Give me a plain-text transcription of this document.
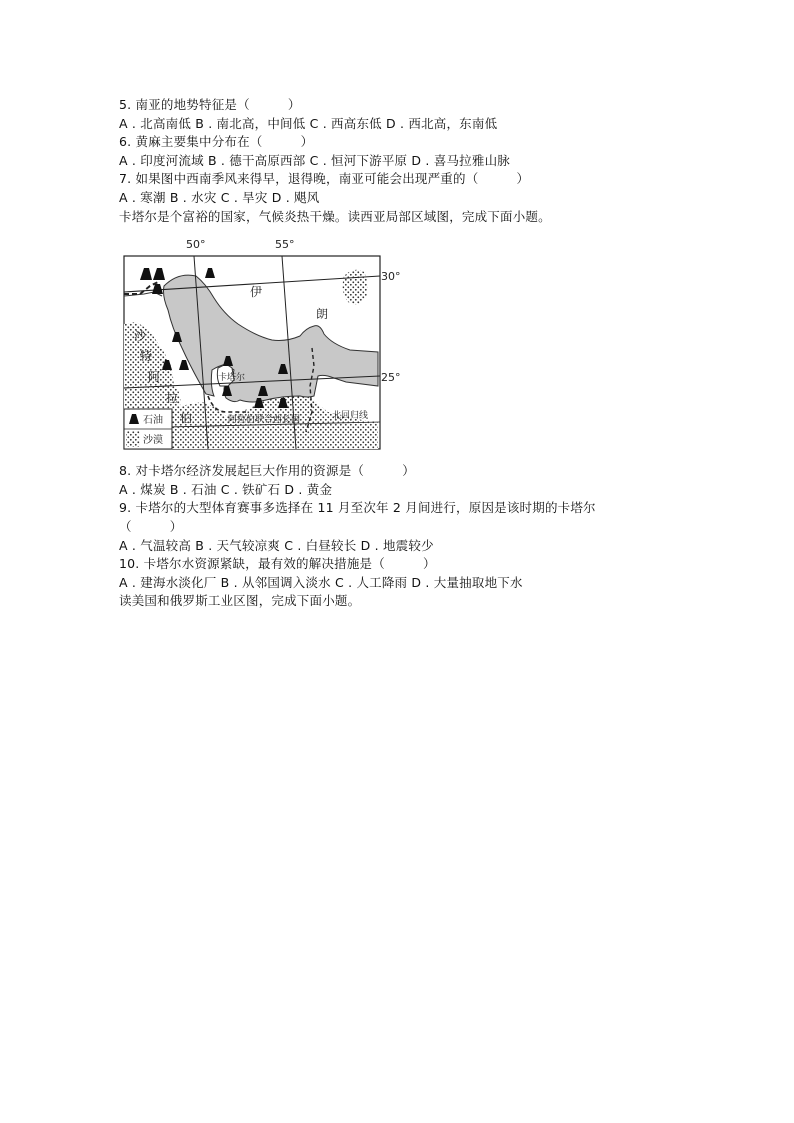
5. 南亚的地势特征是（　　　）
A . 北高南低 B . 南北高，中间低 C . 西高东低 D . 西北高，东南低
6. 黄麻主要集中分布在（　　　）
A . 印度河流域 B . 德干高原西部 C . 恒河下游平原 D . 喜马拉雅山脉
7. 如果图中西南季风来得早，退得晚，南亚可能会出现严重的（　　　）
A . 寒潮 B . 水灾 C . 旱灾 D . 飓风
卡塔尔是个富裕的国家，气候炎热干燥。读西亚局部区域图，完成下面小题。
50°	55°
30°
25°
伊
朗
沙
特
阿
拉
伯
卡塔尔
阿拉伯联合酋长国	北回归线
石油
沙漠
8. 对卡塔尔经济发展起巨大作用的资源是（　　　）
A . 煤炭 B . 石油 C . 铁矿石 D . 黄金
9. 卡塔尔的大型体育赛事多选择在 11 月至次年 2 月间进行，原因是该时期的卡塔尔
（　　　）
A . 气温较高 B . 天气较凉爽 C . 白昼较长 D . 地震较少
10. 卡塔尔水资源紧缺，最有效的解决措施是（　　　）
A . 建海水淡化厂 B . 从邻国调入淡水 C . 人工降雨 D . 大量抽取地下水
读美国和俄罗斯工业区图，完成下面小题。
